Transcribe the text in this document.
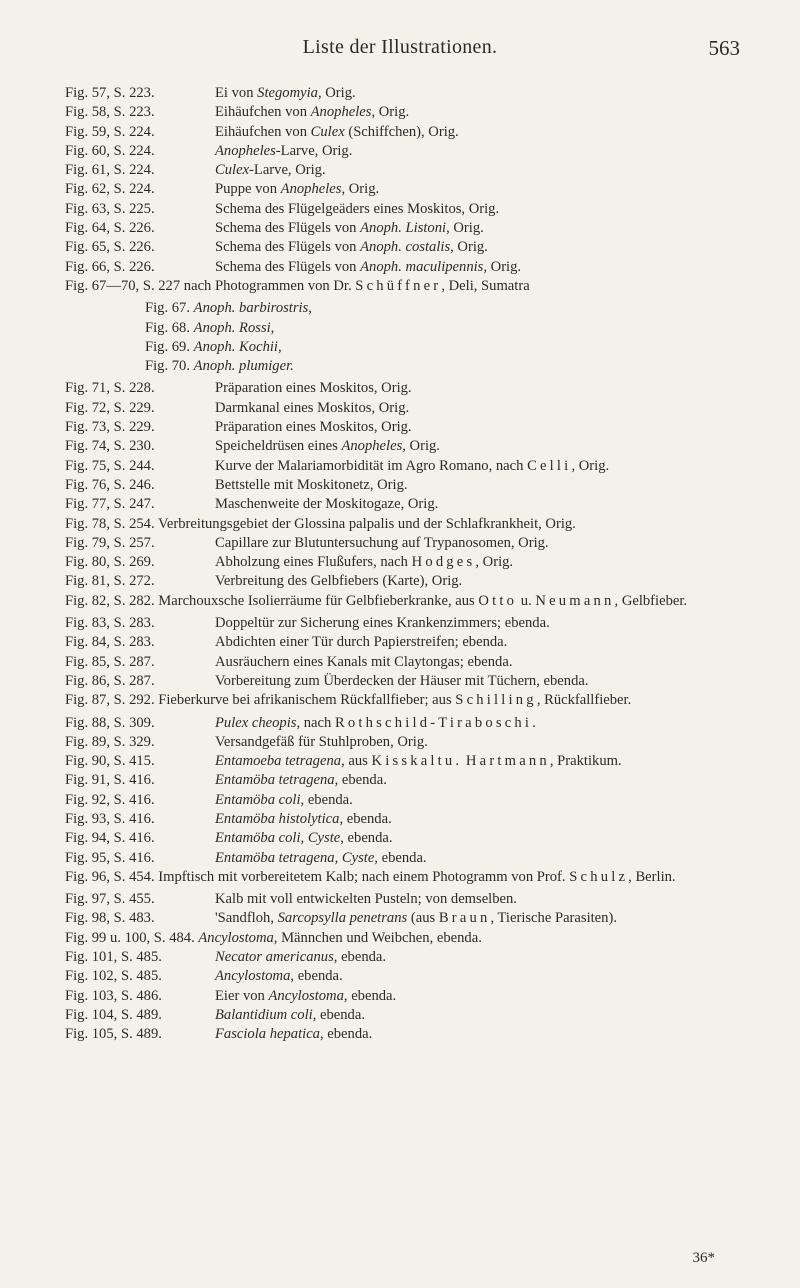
Liste der Illustrationen.	563
Fig. 57, S. 223.	Ei von Stegomyia, Orig.
Fig. 58, S. 223.	Eihäufchen von Anopheles, Orig.
Fig. 59, S. 224.	Eihäufchen von Culex (Schiffchen), Orig.
Fig. 60, S. 224.	Anopheles-Larve, Orig.
Fig. 61, S. 224.	Culex-Larve, Orig.
Fig. 62, S. 224.	Puppe von Anopheles, Orig.
Fig. 63, S. 225.	Schema des Flügelgeäders eines Moskitos, Orig.
Fig. 64, S. 226.	Schema des Flügels von Anoph. Listoni, Orig.
Fig. 65, S. 226.	Schema des Flügels von Anoph. costalis, Orig.
Fig. 66, S. 226.	Schema des Flügels von Anoph. maculipennis, Orig.
Fig. 67—70, S. 227 nach Photogrammen von Dr. Schüffner, Deli, Sumatra
Fig. 67. Anoph. barbirostris,
Fig. 68. Anoph. Rossi,
Fig. 69. Anoph. Kochii,
Fig. 70. Anoph. plumiger.
Fig. 71, S. 228.	Präparation eines Moskitos, Orig.
Fig. 72, S. 229.	Darmkanal eines Moskitos, Orig.
Fig. 73, S. 229.	Präparation eines Moskitos, Orig.
Fig. 74, S. 230.	Speicheldrüsen eines Anopheles, Orig.
Fig. 75, S. 244.	Kurve der Malariamorbidität im Agro Romano, nach Celli, Orig.
Fig. 76, S. 246.	Bettstelle mit Moskitonetz, Orig.
Fig. 77, S. 247.	Maschenweite der Moskitogaze, Orig.
Fig. 78, S. 254. Verbreitungsgebiet der Glossina palpalis und der Schlafkrankheit, Orig.
Fig. 79, S. 257.	Capillare zur Blutuntersuchung auf Trypanosomen, Orig.
Fig. 80, S. 269.	Abholzung eines Flußufers, nach Hodges, Orig.
Fig. 81, S. 272.	Verbreitung des Gelbfiebers (Karte), Orig.
Fig. 82, S. 282. Marchouxsche Isolierräume für Gelbfieberkranke, aus Otto u. Neumann, Gelbfieber.
Fig. 83, S. 283.	Doppeltür zur Sicherung eines Krankenzimmers; ebenda.
Fig. 84, S. 283.	Abdichten einer Tür durch Papierstreifen; ebenda.
Fig. 85, S. 287.	Ausräuchern eines Kanals mit Claytongas; ebenda.
Fig. 86, S. 287.	Vorbereitung zum Überdecken der Häuser mit Tüchern, ebenda.
Fig. 87, S. 292. Fieberkurve bei afrikanischem Rückfallfieber; aus Schilling, Rückfallfieber.
Fig. 88, S. 309.	Pulex cheopis, nach Rothschild-Tiraboschi.
Fig. 89, S. 329.	Versandgefäß für Stuhlproben, Orig.
Fig. 90, S. 415.	Entamoeba tetragena, aus Kisskaltu. Hartmann, Praktikum.
Fig. 91, S. 416.	Entamöba tetragena, ebenda.
Fig. 92, S. 416.	Entamöba coli, ebenda.
Fig. 93, S. 416.	Entamöba histolytica, ebenda.
Fig. 94, S. 416.	Entamöba coli, Cyste, ebenda.
Fig. 95, S. 416.	Entamöba tetragena, Cyste, ebenda.
Fig. 96, S. 454. Impftisch mit vorbereitetem Kalb; nach einem Photogramm von Prof. Schulz, Berlin.
Fig. 97, S. 455.	Kalb mit voll entwickelten Pusteln; von demselben.
Fig. 98, S. 483.	'Sandfloh, Sarcopsylla penetrans (aus Braun, Tierische Parasiten).
Fig. 99 u. 100, S. 484. Ancylostoma, Männchen und Weibchen, ebenda.
Fig. 101, S. 485.	Necator americanus, ebenda.
Fig. 102, S. 485.	Ancylostoma, ebenda.
Fig. 103, S. 486.	Eier von Ancylostoma, ebenda.
Fig. 104, S. 489.	Balantidium coli, ebenda.
Fig. 105, S. 489.	Fasciola hepatica, ebenda.
36*
